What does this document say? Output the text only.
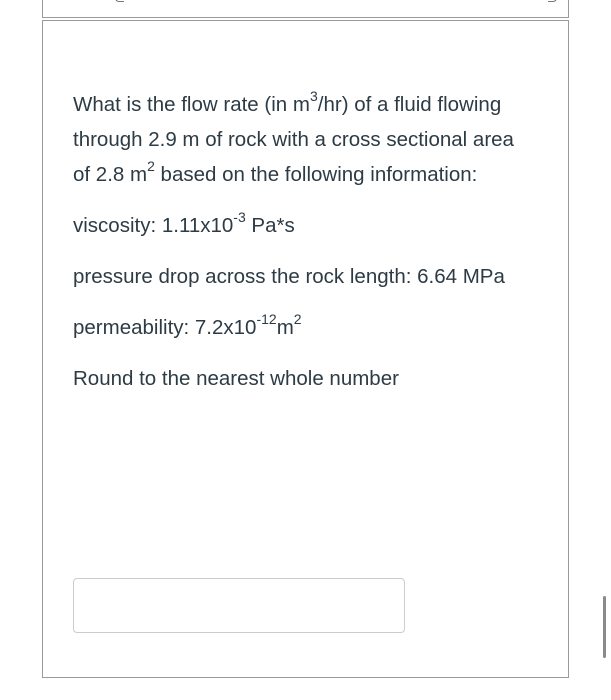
What is the flow rate (in $m^3/hr$) of a fluid flowing through 2.9 m of rock with a cross sectional area of 2.8 $m^2$ based on the following information:

viscosity: $1.11x10^{-3}$ Pa*s

pressure drop across the rock length: 6.64 MPa

permeability: $7.2x10^{-12}m^2$

Round to the nearest whole number
